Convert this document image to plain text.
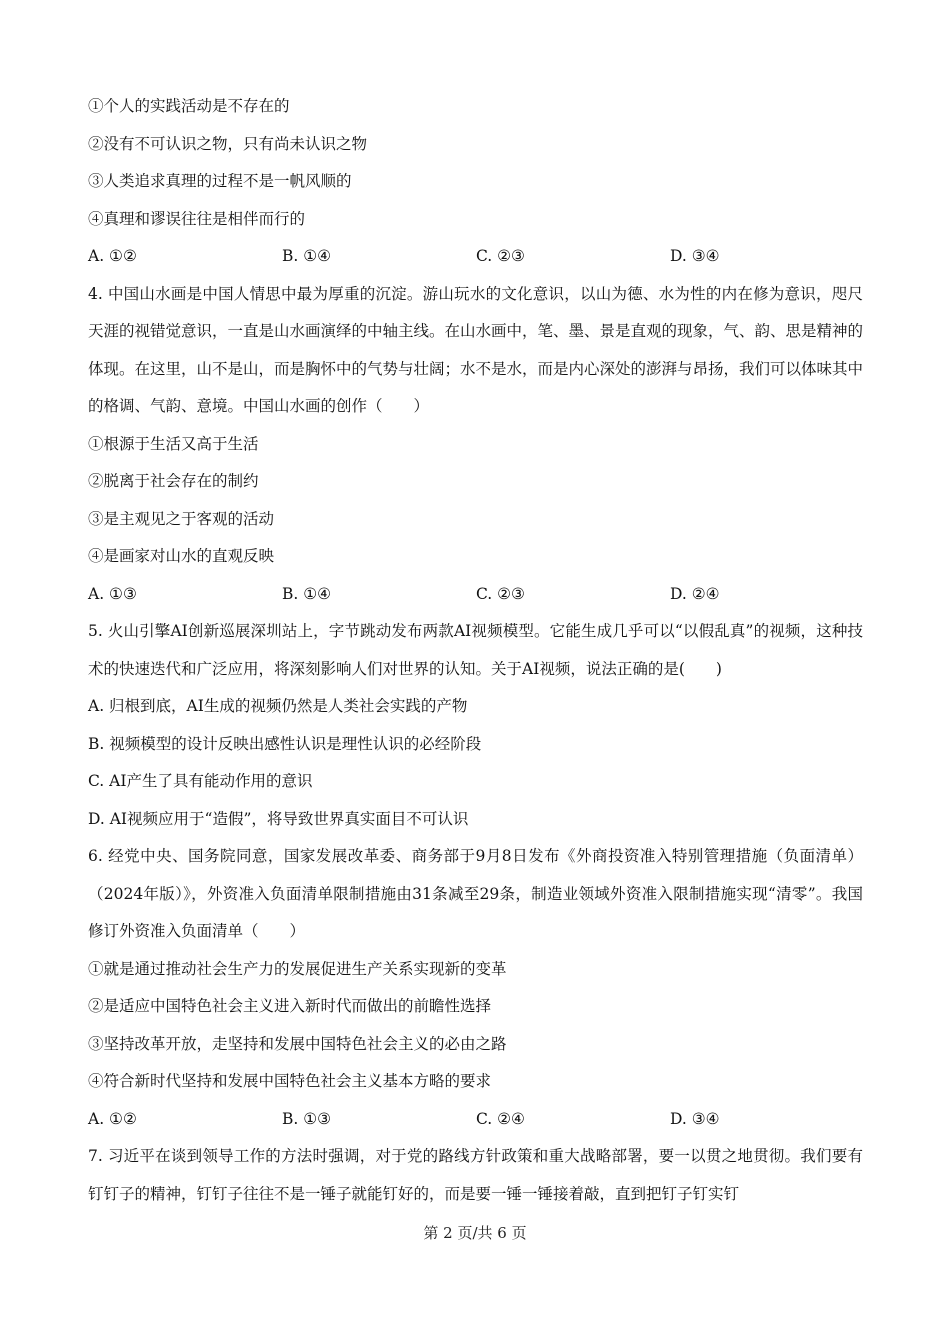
①个人的实践活动是不存在的
②没有不可认识之物，只有尚未认识之物
③人类追求真理的过程不是一帆风顺的
④真理和谬误往往是相伴而行的
A. ①②	B. ①④	C. ②③	D. ③④
4. 中国山水画是中国人情思中最为厚重的沉淀。游山玩水的文化意识，以山为德、水为性的内在修为意识，咫尺天涯的视错觉意识，一直是山水画演绎的中轴主线。在山水画中，笔、墨、景是直观的现象，气、韵、思是精神的体现。在这里，山不是山，而是胸怀中的气势与壮阔；水不是水，而是内心深处的澎湃与昂扬，我们可以体味其中的格调、气韵、意境。中国山水画的创作（　　）
①根源于生活又高于生活
②脱离于社会存在的制约
③是主观见之于客观的活动
④是画家对山水的直观反映
A. ①③	B. ①④	C. ②③	D. ②④
5. 火山引擎AI创新巡展深圳站上，字节跳动发布两款AI视频模型。它能生成几乎可以“以假乱真”的视频，这种技术的快速迭代和广泛应用，将深刻影响人们对世界的认知。关于AI视频，说法正确的是(　　)
A. 归根到底，AI生成的视频仍然是人类社会实践的产物
B. 视频模型的设计反映出感性认识是理性认识的必经阶段
C. AI产生了具有能动作用的意识
D. AI视频应用于“造假”，将导致世界真实面目不可认识
6. 经党中央、国务院同意，国家发展改革委、商务部于9月8日发布《外商投资准入特别管理措施（负面清单）（2024年版）》，外资准入负面清单限制措施由31条减至29条，制造业领域外资准入限制措施实现“清零”。我国修订外资准入负面清单（　　）
①就是通过推动社会生产力的发展促进生产关系实现新的变革
②是适应中国特色社会主义进入新时代而做出的前瞻性选择
③坚持改革开放，走坚持和发展中国特色社会主义的必由之路
④符合新时代坚持和发展中国特色社会主义基本方略的要求
A. ①②	B. ①③	C. ②④	D. ③④
7. 习近平在谈到领导工作的方法时强调，对于党的路线方针政策和重大战略部署，要一以贯之地贯彻。我们要有钉钉子的精神，钉钉子往往不是一锤子就能钉好的，而是要一锤一锤接着敲，直到把钉子钉实钉
第 2 页/共 6 页
